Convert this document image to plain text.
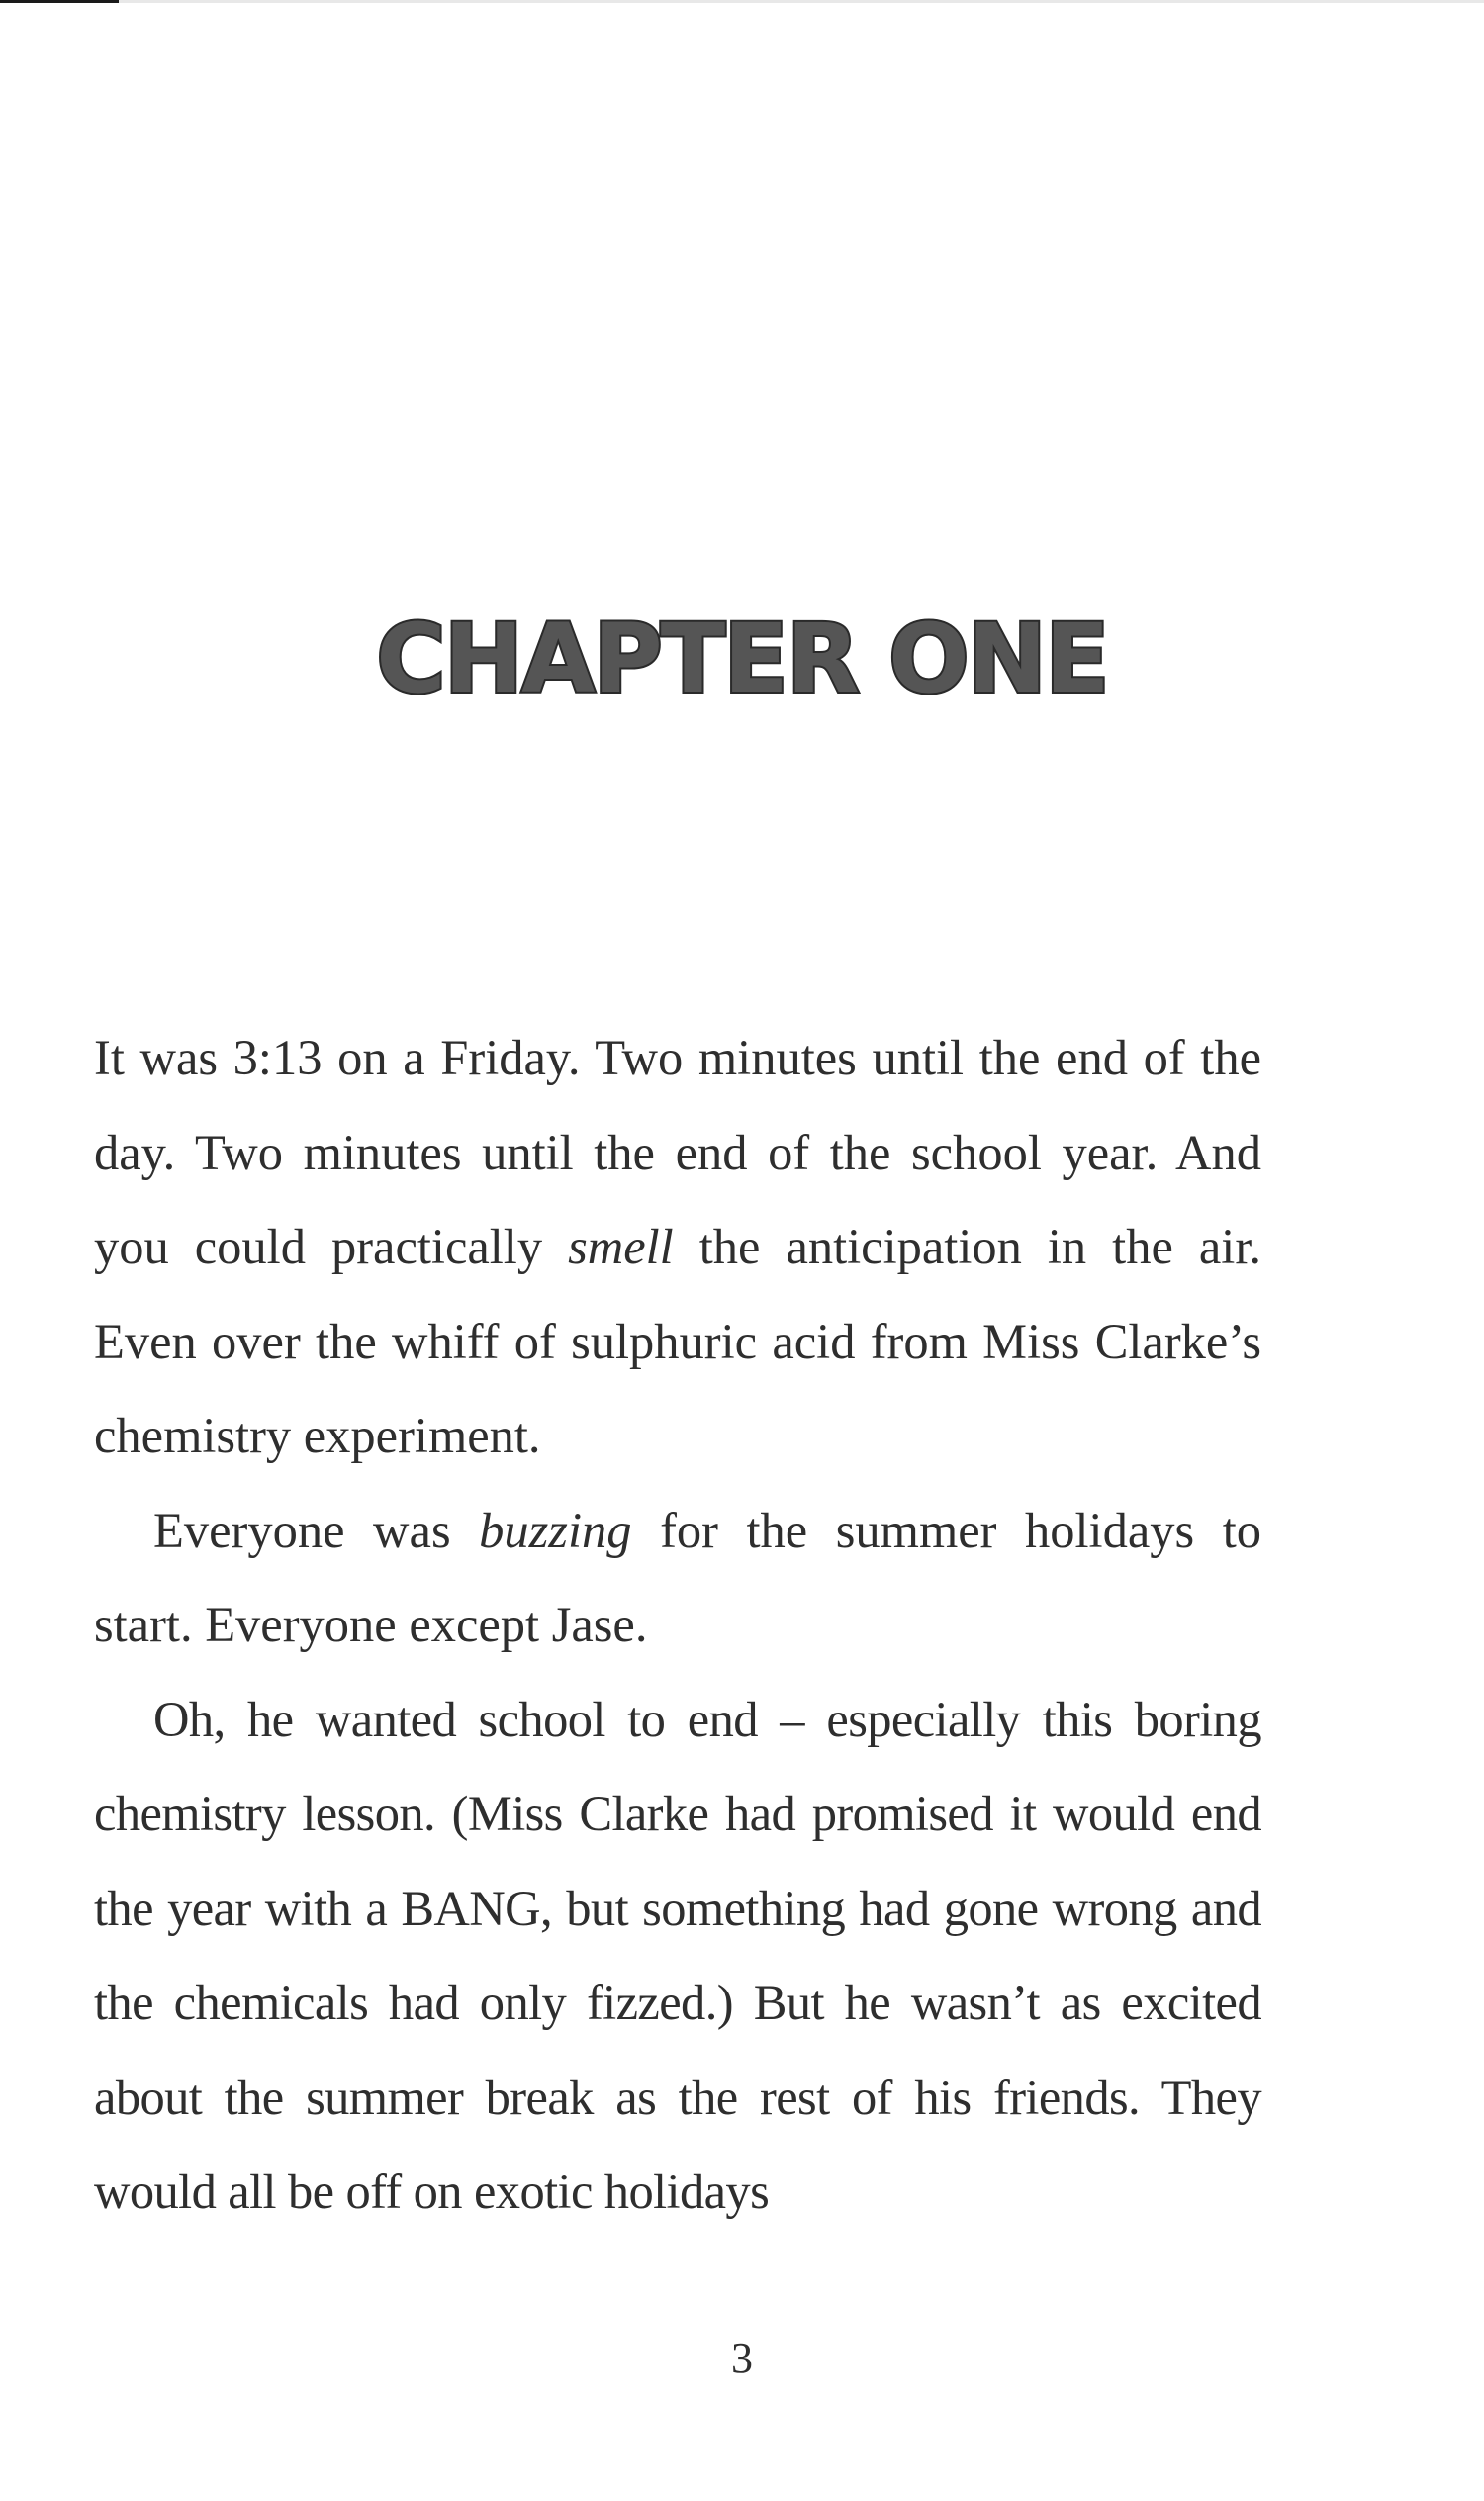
CHAPTER ONE

It was 3:13 on a Friday. Two minutes until the end of the day. Two minutes until the end of the school year. And you could practically smell the anticipation in the air. Even over the whiff of sulphuric acid from Miss Clarke’s chemistry experiment.

Everyone was buzzing for the summer holidays to start. Everyone except Jase.

Oh, he wanted school to end – especially this boring chemistry lesson. (Miss Clarke had promised it would end the year with a BANG, but something had gone wrong and the chemicals had only fizzed.) But he wasn’t as excited about the summer break as the rest of his friends. They would all be off on exotic holidays

3
